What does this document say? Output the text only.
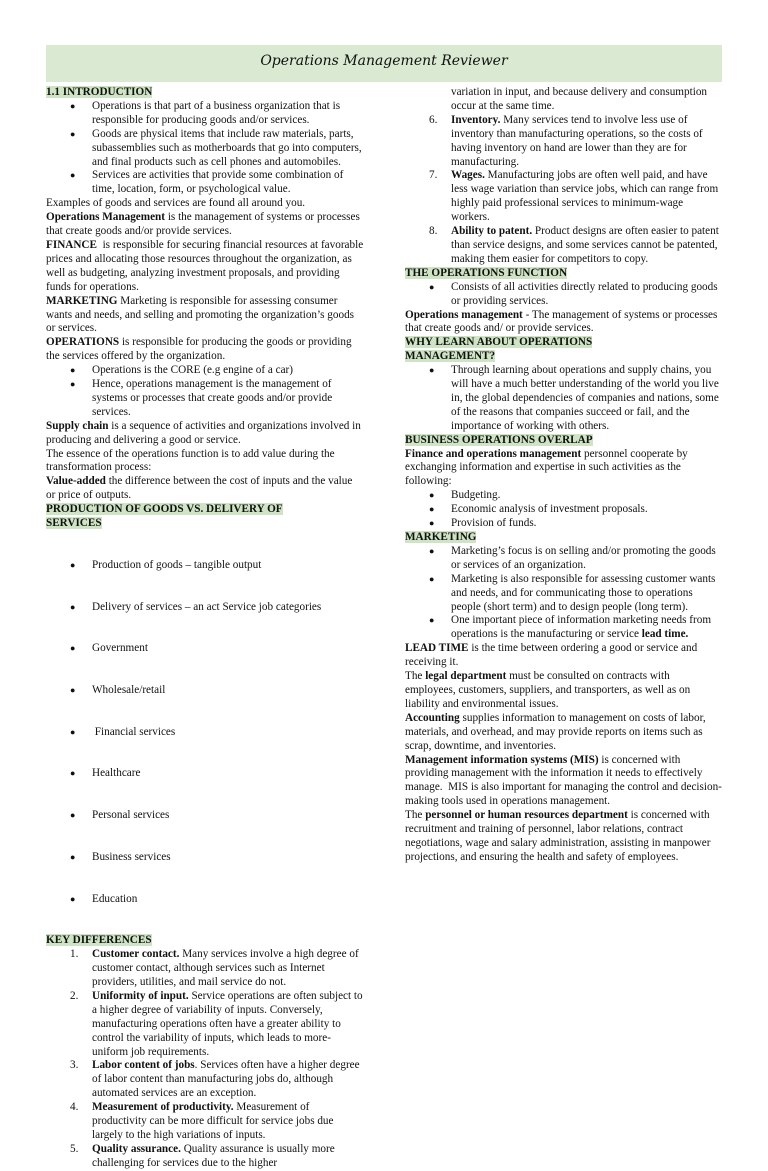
Operations Management Reviewer

1.1 INTRODUCTION

● Operations is that part of a business organization that is responsible for producing goods and/or services.
● Goods are physical items that include raw materials, parts, subassemblies such as motherboards that go into computers, and final products such as cell phones and automobiles.
● Services are activities that provide some combination of time, location, form, or psychological value.

Examples of goods and services are found all around you.

Operations Management is the management of systems or processes that create goods and/or provide services.

FINANCE  is responsible for securing financial resources at favorable prices and allocating those resources throughout the organization, as well as budgeting, analyzing investment proposals, and providing funds for operations.

MARKETING Marketing is responsible for assessing consumer wants and needs, and selling and promoting the organization’s goods or services.

OPERATIONS is responsible for producing the goods or providing the services offered by the organization.

● Operations is the CORE (e.g engine of a car)
● Hence, operations management is the management of systems or processes that create goods and/or provide services.

Supply chain is a sequence of activities and organizations involved in producing and delivering a good or service.

The essence of the operations function is to add value during the transformation process:

Value-added the difference between the cost of inputs and the value or price of outputs.

PRODUCTION OF GOODS VS. DELIVERY OF
SERVICES

● Production of goods – tangible output

● Delivery of services – an act Service job categories

● Government

● Wholesale/retail

●  Financial services

● Healthcare

● Personal services

● Business services

● Education

KEY DIFFERENCES

1. Customer contact. Many services involve a high degree of customer contact, although services such as Internet providers, utilities, and mail service do not.
2. Uniformity of input. Service operations are often subject to a higher degree of variability of inputs. Conversely, manufacturing operations often have a greater ability to control the variability of inputs, which leads to more-uniform job requirements.
3. Labor content of jobs. Services often have a higher degree of labor content than manufacturing jobs do, although automated services are an exception.
4. Measurement of productivity. Measurement of productivity can be more difficult for service jobs due largely to the high variations of inputs.
5. Quality assurance. Quality assurance is usually more challenging for services due to the higher

variation in input, and because delivery and consumption occur at the same time.

6. Inventory. Many services tend to involve less use of inventory than manufacturing operations, so the costs of having inventory on hand are lower than they are for manufacturing.
7. Wages. Manufacturing jobs are often well paid, and have less wage variation than service jobs, which can range from highly paid professional services to minimum-wage workers.
8. Ability to patent. Product designs are often easier to patent than service designs, and some services cannot be patented, making them easier for competitors to copy.

THE OPERATIONS FUNCTION

● Consists of all activities directly related to producing goods or providing services.

Operations management - The management of systems or processes that create goods and/ or provide services.

WHY LEARN ABOUT OPERATIONS
MANAGEMENT?

● Through learning about operations and supply chains, you will have a much better understanding of the world you live in, the global dependencies of companies and nations, some of the reasons that companies succeed or fail, and the importance of working with others.

BUSINESS OPERATIONS OVERLAP

Finance and operations management personnel cooperate by exchanging information and expertise in such activities as the following:

● Budgeting.
● Economic analysis of investment proposals.
● Provision of funds.

MARKETING

● Marketing’s focus is on selling and/or promoting the goods or services of an organization.
● Marketing is also responsible for assessing customer wants and needs, and for communicating those to operations people (short term) and to design people (long term).
● One important piece of information marketing needs from operations is the manufacturing or service lead time.

LEAD TIME is the time between ordering a good or service and receiving it.

The legal department must be consulted on contracts with employees, customers, suppliers, and transporters, as well as on liability and environmental issues.

Accounting supplies information to management on costs of labor, materials, and overhead, and may provide reports on items such as scrap, downtime, and inventories.

Management information systems (MIS) is concerned with providing management with the information it needs to effectively manage.  MIS is also important for managing the control and decision-making tools used in operations management.

The personnel or human resources department is concerned with recruitment and training of personnel, labor relations, contract negotiations, wage and salary administration, assisting in manpower projections, and ensuring the health and safety of employees.
